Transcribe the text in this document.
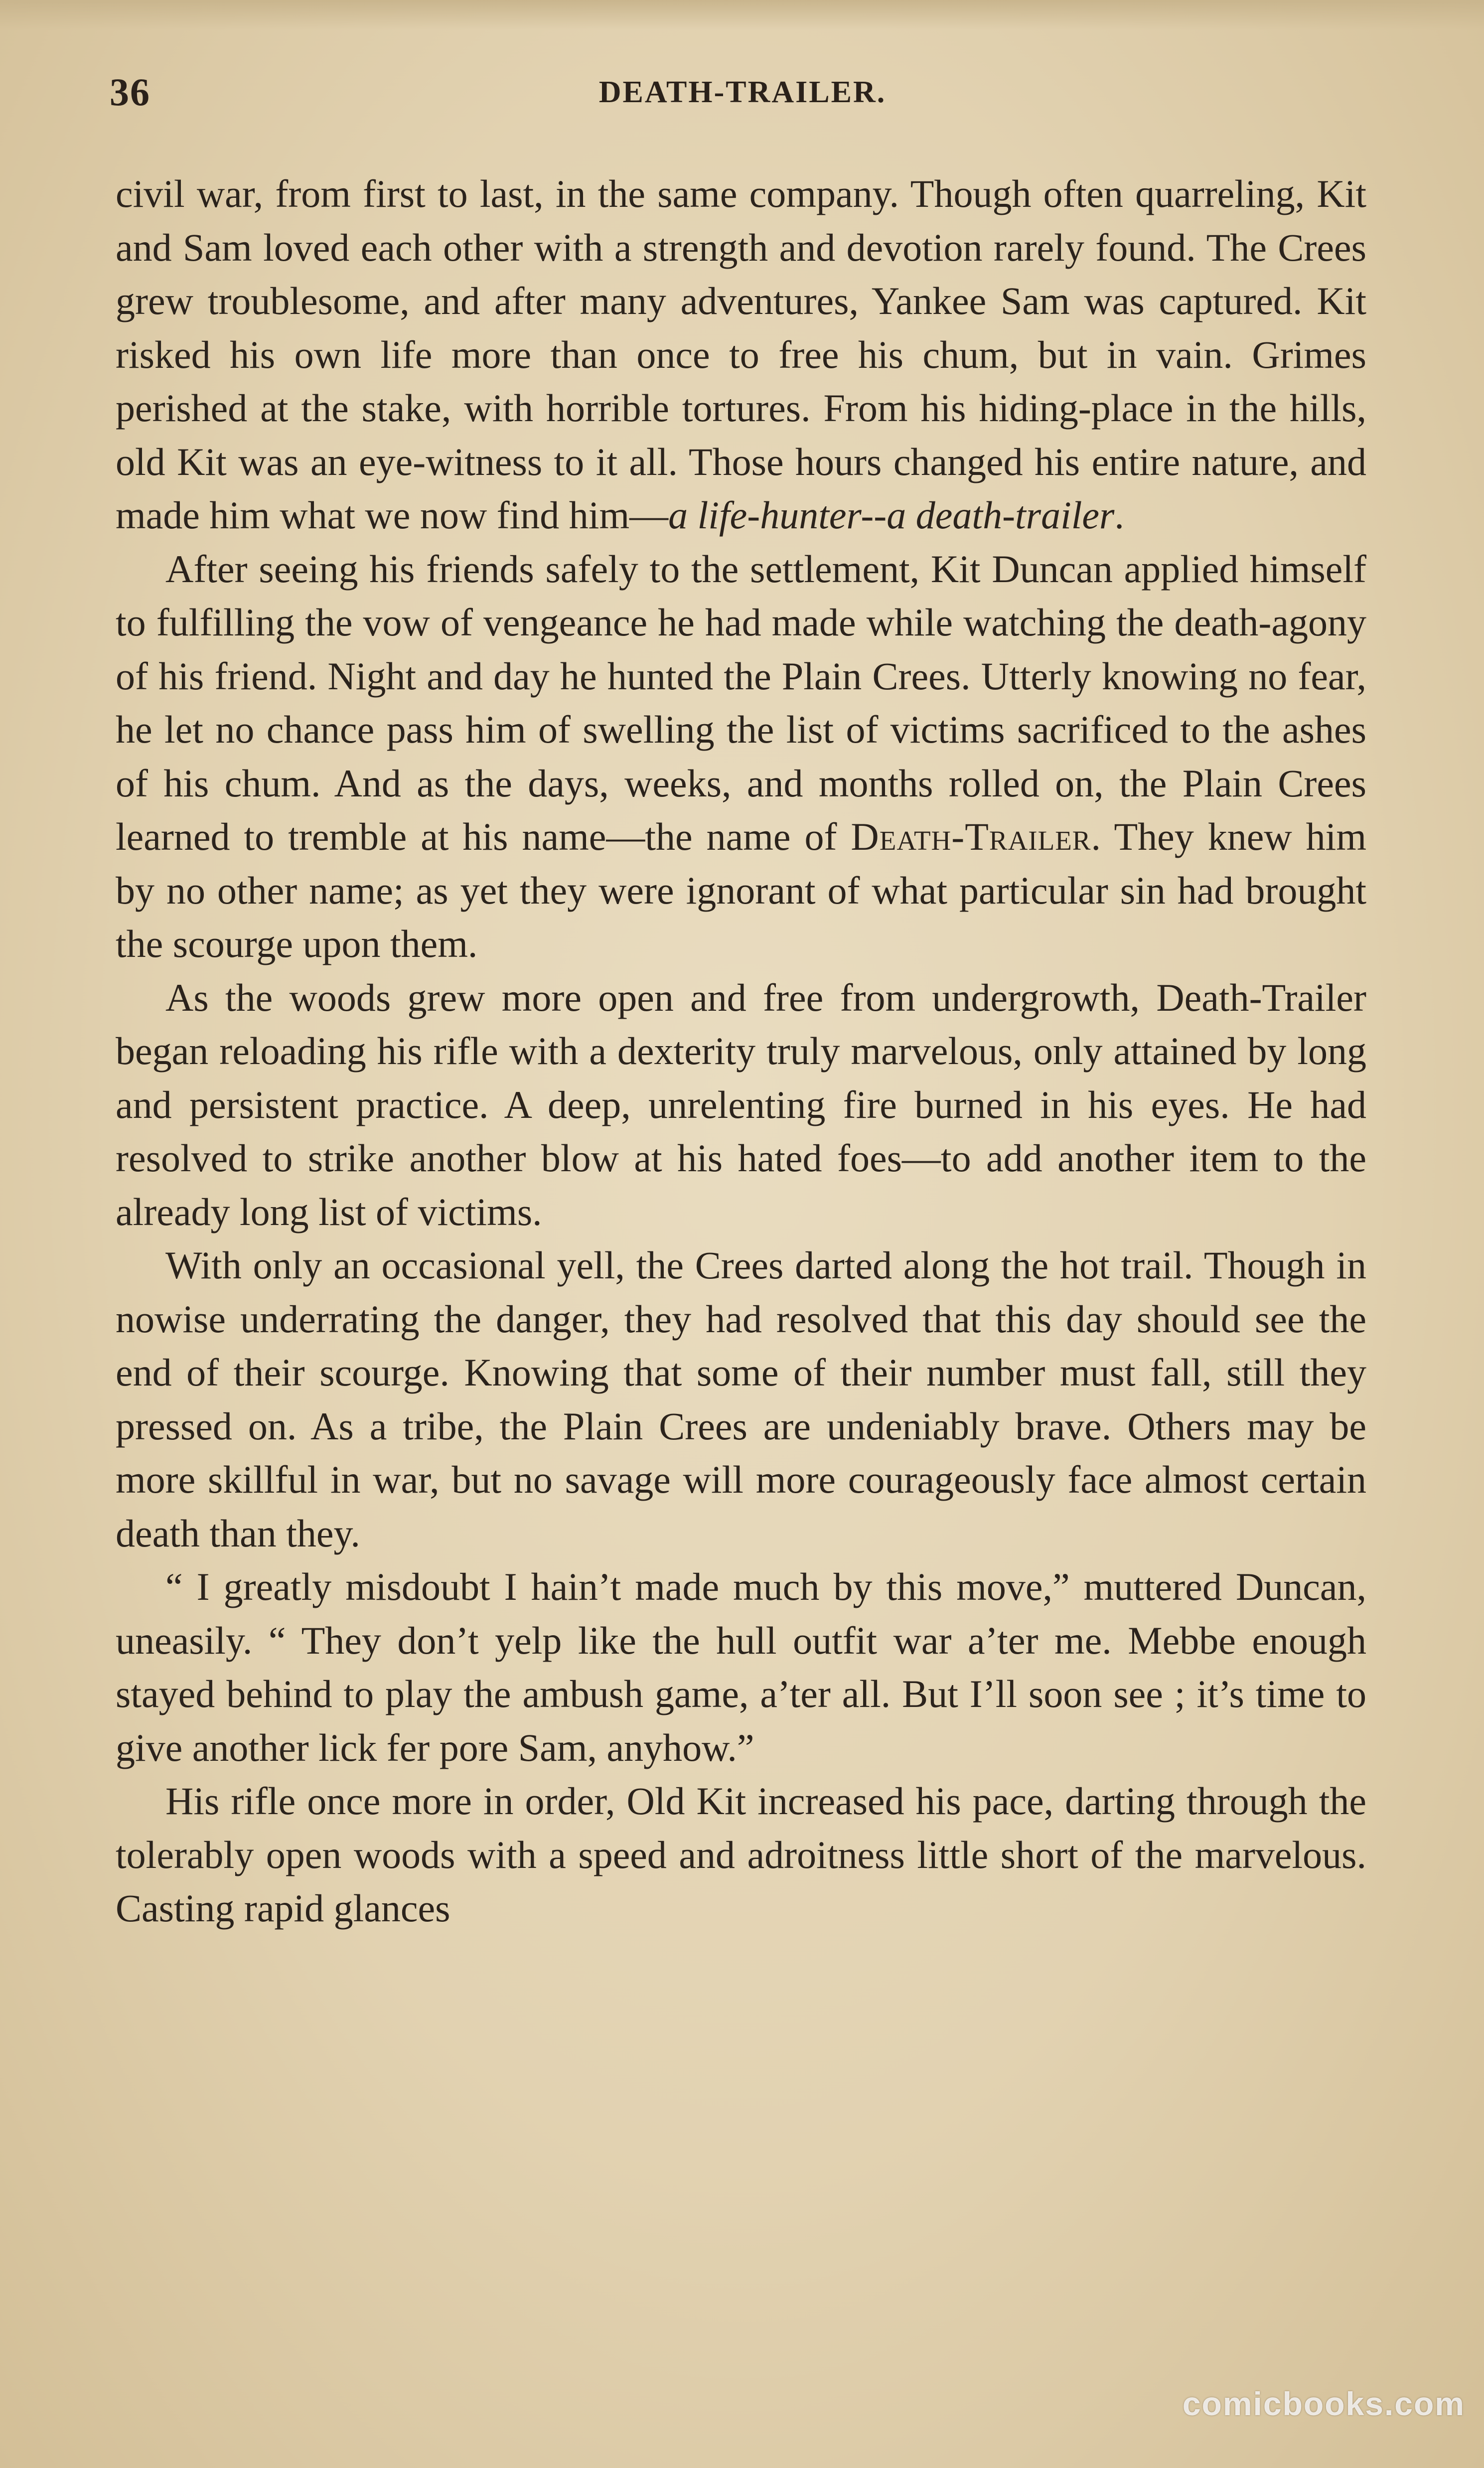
36	DEATH-TRAILER.

civil war, from first to last, in the same company. Though often quarreling, Kit and Sam loved each other with a strength and devotion rarely found. The Crees grew troublesome, and after many adventures, Yankee Sam was captured. Kit risked his own life more than once to free his chum, but in vain. Grimes perished at the stake, with horrible tortures. From his hiding-place in the hills, old Kit was an eye-witness to it all. Those hours changed his entire nature, and made him what we now find him—a life-hunter--a death-trailer.

After seeing his friends safely to the settlement, Kit Duncan applied himself to fulfilling the vow of vengeance he had made while watching the death-agony of his friend. Night and day he hunted the Plain Crees. Utterly knowing no fear, he let no chance pass him of swelling the list of victims sacrificed to the ashes of his chum. And as the days, weeks, and months rolled on, the Plain Crees learned to tremble at his name—the name of Death-Trailer. They knew him by no other name; as yet they were ignorant of what particular sin had brought the scourge upon them.

As the woods grew more open and free from undergrowth, Death-Trailer began reloading his rifle with a dexterity truly marvelous, only attained by long and persistent practice. A deep, unrelenting fire burned in his eyes. He had resolved to strike another blow at his hated foes—to add another item to the already long list of victims.

With only an occasional yell, the Crees darted along the hot trail. Though in nowise underrating the danger, they had resolved that this day should see the end of their scourge. Knowing that some of their number must fall, still they pressed on. As a tribe, the Plain Crees are undeniably brave. Others may be more skillful in war, but no savage will more courageously face almost certain death than they.

“ I greatly misdoubt I hain’t made much by this move,” muttered Duncan, uneasily. “ They don’t yelp like the hull outfit war a’ter me. Mebbe enough stayed behind to play the ambush game, a’ter all. But I’ll soon see ; it’s time to give another lick fer pore Sam, anyhow.”

His rifle once more in order, Old Kit increased his pace, darting through the tolerably open woods with a speed and adroitness little short of the marvelous. Casting rapid glances

comicbooks.com
